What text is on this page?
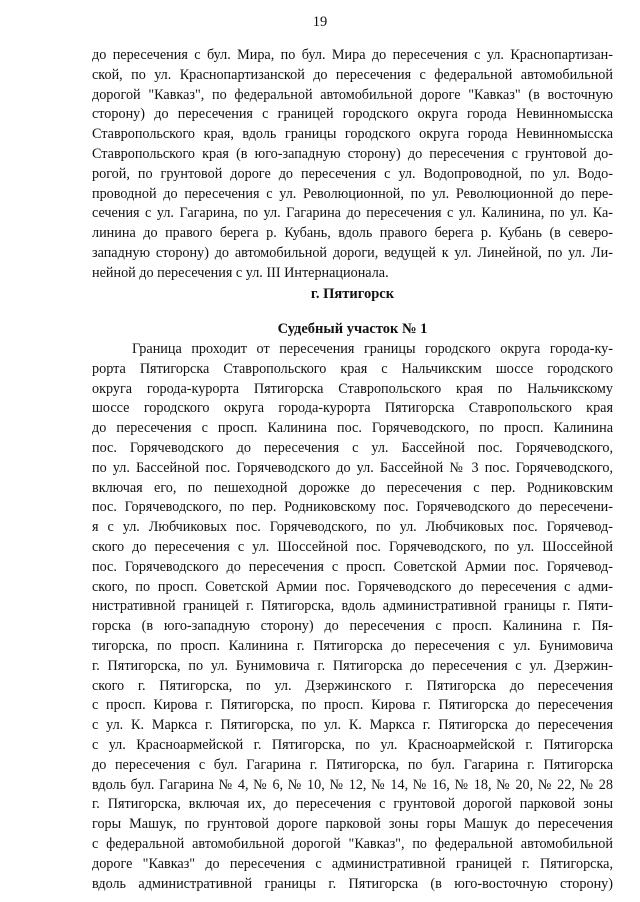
19
до пересечения с бул. Мира, по бул. Мира до пересечения с ул. Краснопартизан-
ской, по ул. Краснопартизанской до пересечения с федеральной автомобильной
дорогой "Кавказ", по федеральной автомобильной дороге "Кавказ" (в восточную
сторону) до пересечения с границей городского округа города Невинномысска
Ставропольского края, вдоль границы городского округа города Невинномысска
Ставропольского края (в юго-западную сторону) до пересечения с грунтовой до-
рогой, по грунтовой дороге до пересечения с ул. Водопроводной, по ул. Водо-
проводной до пересечения с ул. Революционной, по ул. Революционной до пере-
сечения с ул. Гагарина, по ул. Гагарина до пересечения с ул. Калинина, по ул. Ка-
линина до правого берега р. Кубань, вдоль правого берега р. Кубань (в северо-
западную сторону) до автомобильной дороги, ведущей к ул. Линейной, по ул. Ли-
нейной до пересечения с ул. III Интернационала.
г. Пятигорск
Судебный участок № 1
Граница проходит от пересечения границы городского округа города-ку-
рорта Пятигорска Ставропольского края с Нальчикским шоссе городского
округа города-курорта Пятигорска Ставропольского края по Нальчикскому
шоссе городского округа города-курорта Пятигорска Ставропольского края
до пересечения с просп. Калинина пос. Горячеводского, по просп. Калинина
пос. Горячеводского до пересечения с ул. Бассейной пос. Горячеводского,
по ул. Бассейной пос. Горячеводского до ул. Бассейной № 3 пос. Горячеводского,
включая его, по пешеходной дорожке до пересечения с пер. Родниковским
пос. Горячеводского, по пер. Родниковскому пос. Горячеводского до пересечени-
я с ул. Любчиковых пос. Горячеводского, по ул. Любчиковых пос. Горячевод-
ского до пересечения с ул. Шоссейной пос. Горячеводского, по ул. Шоссейной
пос. Горячеводского до пересечения с просп. Советской Армии пос. Горячевод-
ского, по просп. Советской Армии пос. Горячеводского до пересечения с адми-
нистративной границей г. Пятигорска, вдоль административной границы г. Пяти-
горска (в юго-западную сторону) до пересечения с просп. Калинина г. Пя-
тигорска, по просп. Калинина г. Пятигорска до пересечения с ул. Бунимовича
г. Пятигорска, по ул. Бунимовича г. Пятигорска до пересечения с ул. Дзержин-
ского г. Пятигорска, по ул. Дзержинского г. Пятигорска до пересечения
с просп. Кирова г. Пятигорска, по просп. Кирова г. Пятигорска до пересечения
с ул. К. Маркса г. Пятигорска, по ул. К. Маркса г. Пятигорска до пересечения
с ул. Красноармейской г. Пятигорска, по ул. Красноармейской г. Пятигорска
до пересечения с бул. Гагарина г. Пятигорска, по бул. Гагарина г. Пятигорска
вдоль бул. Гагарина № 4, № 6, № 10, № 12, № 14, № 16, № 18, № 20, № 22, № 28
г. Пятигорска, включая их, до пересечения с грунтовой дорогой парковой зоны
горы Машук, по грунтовой дороге парковой зоны горы Машук до пересечения
с федеральной автомобильной дорогой "Кавказ", по федеральной автомобильной
дороге "Кавказ" до пересечения с административной границей г. Пятигорска,
вдоль административной границы г. Пятигорска (в юго-восточную сторону)
